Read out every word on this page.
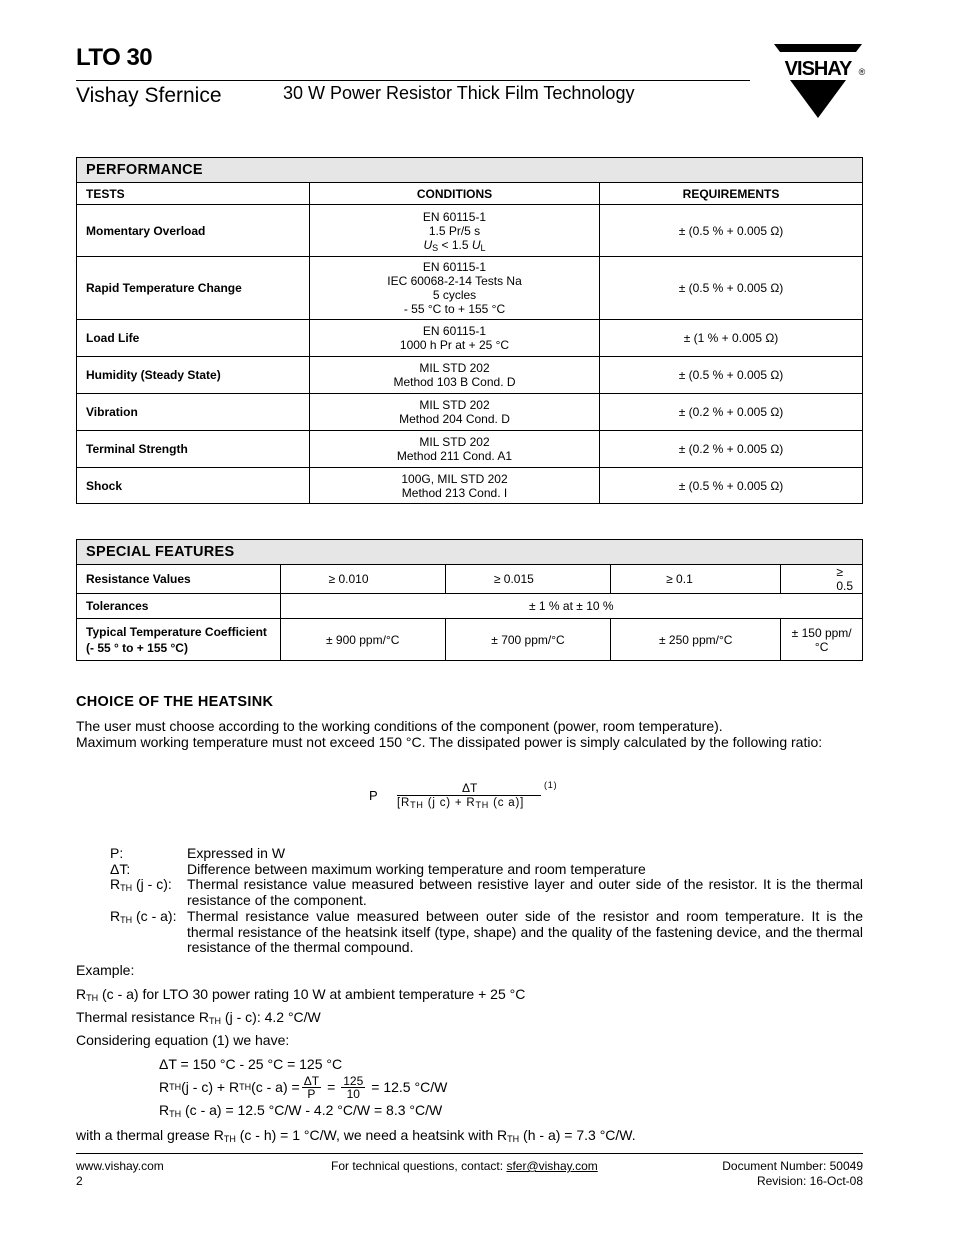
LTO 30
Vishay Sfernice	30 W Power Resistor Thick Film Technology
VISHAY ®
PERFORMANCE		
TESTS	CONDITIONS	REQUIREMENTS
Momentary Overload	EN 60115-1
1.5 Pr/5 s
$U_S < 1.5$ $U_L$	± (0.5 % + 0.005 Ω)
Rapid Temperature Change	EN 60115-1
IEC 60068-2-14 Tests Na
5 cycles
- 55 °C to + 155 °C	± (0.5 % + 0.005 Ω)
Load Life	EN 60115-1
1000 h Pr at + 25 °C	± (1 % + 0.005 Ω)
Humidity (Steady State)	MIL STD 202
Method 103 B Cond. D	± (0.5 % + 0.005 Ω)
Vibration	MIL STD 202
Method 204 Cond. D	± (0.2 % + 0.005 Ω)
Terminal Strength	MIL STD 202
Method 211 Cond. A1	± (0.2 % + 0.005 Ω)
Shock	100G, MIL STD 202
Method 213 Cond. I	± (0.5 % + 0.005 Ω)
SPECIAL FEATURES				
Resistance Values	≥ 0.010	≥ 0.015	≥ 0.1	≥ 0.5
Tolerances	± 1 % at ± 10 %			

Typical Temperature Coefficient
(- 55 ° to + 155 °C)	± 900 ppm/°C	± 700 ppm/°C	± 250 ppm/°C	± 150 ppm/°C
CHOICE OF THE HEATSINK
The user must choose according to the working conditions of the component (power, room temperature).
Maximum working temperature must not exceed 150 °C. The dissipated power is simply calculated by the following ratio:
P	ΔT
[$R_{TH}$ (j $c) + R_{TH}$ (c a)]
(1)
P:	Expressed in W
ΔT:	Difference between maximum working temperature and room temperature
$R_{TH}$ (j - c):	Thermal resistance value measured between resistive layer and outer side of the resistor. It is the thermal resistance of the component.
$R_{TH}$ (c - a): Thermal resistance value measured between outer side of the resistor and room temperature. It is the thermal resistance of the heatsink itself (type, shape) and the quality of the fastening device, and the thermal resistance of the thermal compound.
Example:
$R_{TH}$ (c - a) for LTO 30 power rating 10 W at ambient temperature + 25 °C
Thermal resistance $R_{TH}$ (j - c): 4.2 °C/W
Considering equation (1) we have:
ΔT = 150 °C - 25 °C = 125 °C
R TH (j - c) + R TH $(c - a) = \frac{\Delta T}{P} = \frac{125}{10} = 12.5$ °C/W
$R_{TH}$ (c - a) = 12.5 °C/W - 4.2 °C/W = 8.3 °C/W
with a thermal grease $R_{TH}$ (c - h) = 1 °C/W, we need a heatsink with $R_{TH}$ (h - a) = 7.3 °C/W.
www.vishay.com
2
For technical questions, contact: sfer@vishay.com	Document Number: 50049
Revision: 16-Oct-08
